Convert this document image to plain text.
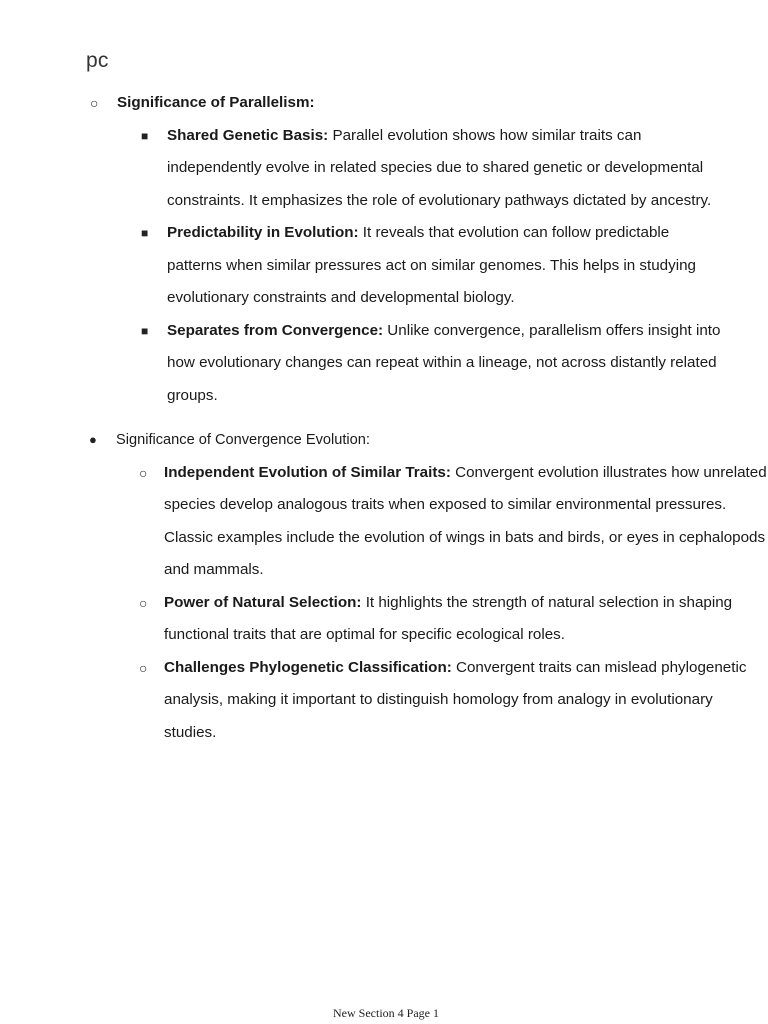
pc
○ Significance of Parallelism:
■ Shared Genetic Basis: Parallel evolution shows how similar traits can
independently evolve in related species due to shared genetic or developmental
constraints. It emphasizes the role of evolutionary pathways dictated by ancestry.
■ Predictability in Evolution: It reveals that evolution can follow predictable
patterns when similar pressures act on similar genomes. This helps in studying
evolutionary constraints and developmental biology.
■ Separates from Convergence: Unlike convergence, parallelism offers insight into
how evolutionary changes can repeat within a lineage, not across distantly related
groups.
● Significance of Convergence Evolution:
○ Independent Evolution of Similar Traits: Convergent evolution illustrates how unrelated
species develop analogous traits when exposed to similar environmental pressures.
Classic examples include the evolution of wings in bats and birds, or eyes in cephalopods
and mammals.
○ Power of Natural Selection: It highlights the strength of natural selection in shaping
functional traits that are optimal for specific ecological roles.
○ Challenges Phylogenetic Classification: Convergent traits can mislead phylogenetic
analysis, making it important to distinguish homology from analogy in evolutionary
studies.
New Section 4 Page 1
